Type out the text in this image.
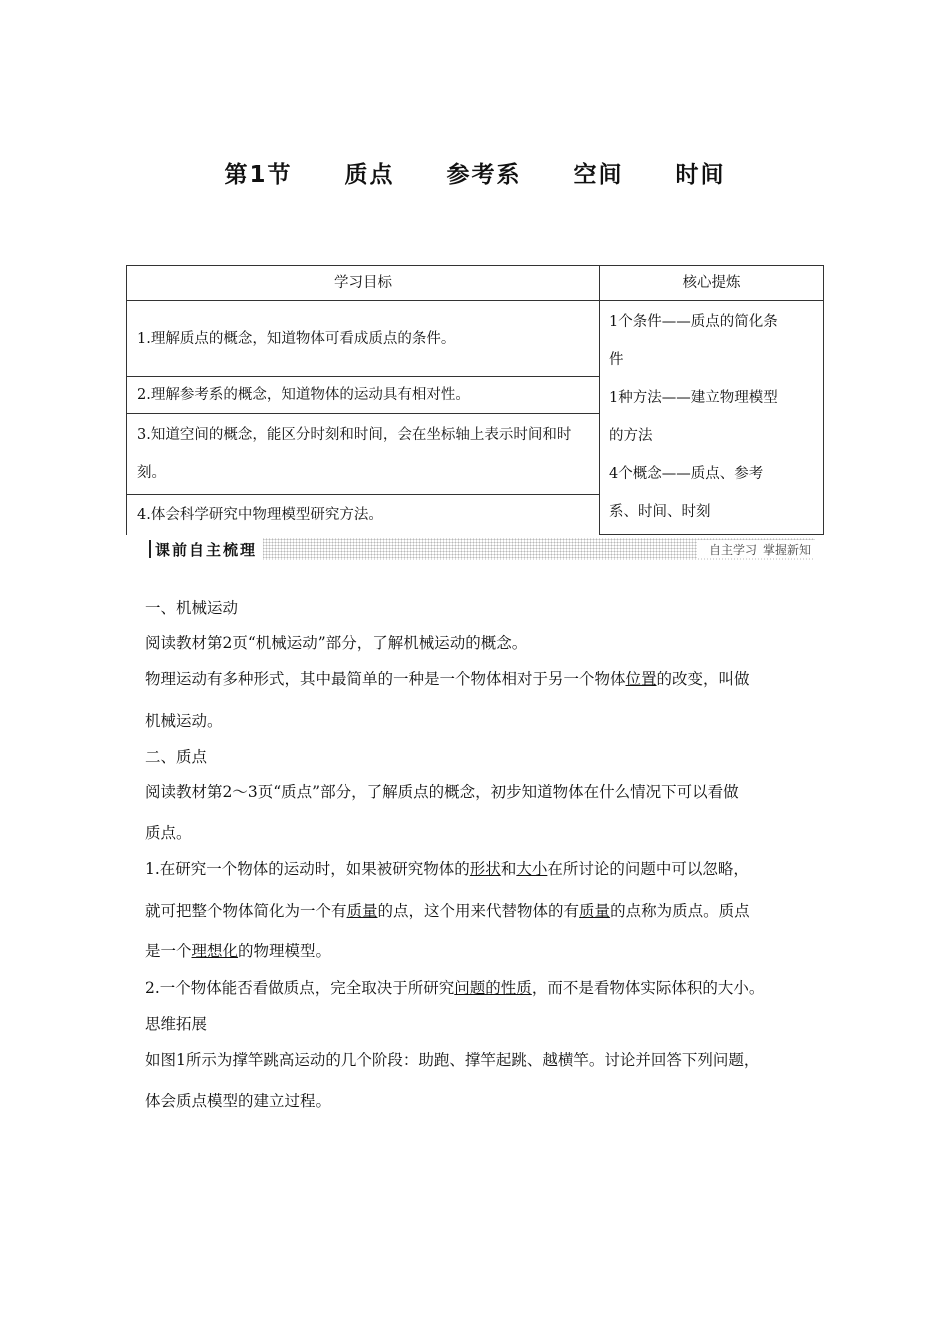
第1节 质点 参考系 空间 时间
学习目标	核心提炼
1.理解质点的概念，知道物体可看成质点的条件。
2.理解参考系的概念，知道物体的运动具有相对性。
3.知道空间的概念，能区分时刻和时间，会在坐标轴上表示时间和时刻。
4.体会科学研究中物理模型研究方法。
1个条件——质点的简化条
件
1种方法——建立物理模型
的方法
4个概念——质点、参考
系、时间、时刻
课前自主梳理	自主学习 掌握新知

一、机械运动

阅读教材第2页“机械运动”部分，了解机械运动的概念。

物理运动有多种形式，其中最简单的一种是一个物体相对于另一个物体位置的改变，叫做

机械运动。

二、质点

阅读教材第2～3页“质点”部分，了解质点的概念，初步知道物体在什么情况下可以看做

质点。

1.在研究一个物体的运动时，如果被研究物体的形状和大小在所讨论的问题中可以忽略，

就可把整个物体简化为一个有质量的点，这个用来代替物体的有质量的点称为质点。质点

是一个理想化的物理模型。

2.一个物体能否看做质点，完全取决于所研究问题的性质，而不是看物体实际体积的大小。

思维拓展

如图1所示为撑竿跳高运动的几个阶段：助跑、撑竿起跳、越横竿。讨论并回答下列问题，

体会质点模型的建立过程。
